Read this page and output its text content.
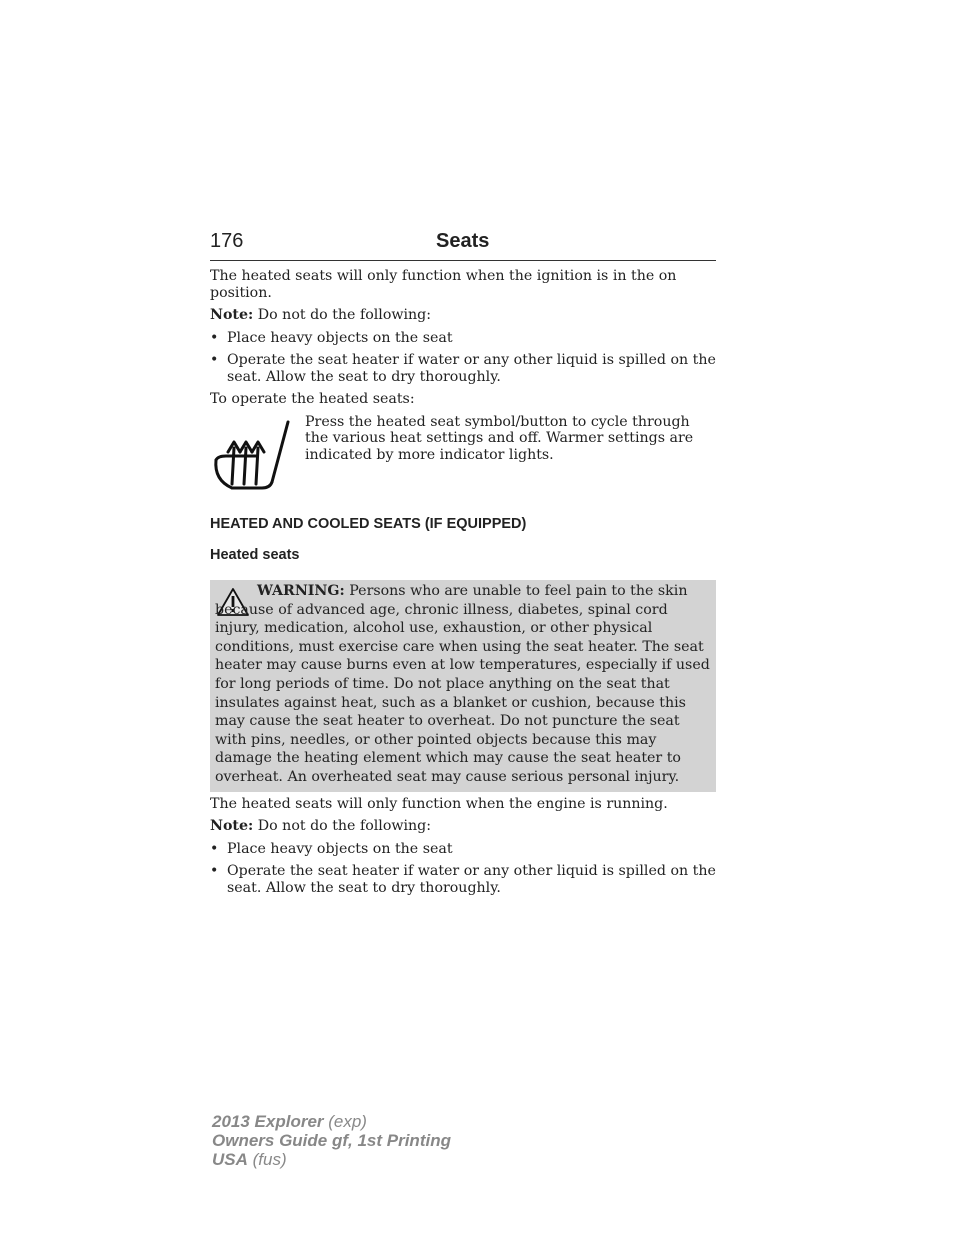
176	Seats

The heated seats will only function when the ignition is in the on position.

Note: Do not do the following:

• Place heavy objects on the seat
• Operate the seat heater if water or any other liquid is spilled on the seat. Allow the seat to dry thoroughly.

To operate the heated seats:

Press the heated seat symbol/button to cycle through the various heat settings and off. Warmer settings are indicated by more indicator lights.
HEATED AND COOLED SEATS (IF EQUIPPED)
Heated seats
WARNING: Persons who are unable to feel pain to the skin because of advanced age, chronic illness, diabetes, spinal cord injury, medication, alcohol use, exhaustion, or other physical conditions, must exercise care when using the seat heater. The seat heater may cause burns even at low temperatures, especially if used for long periods of time. Do not place anything on the seat that insulates against heat, such as a blanket or cushion, because this may cause the seat heater to overheat. Do not puncture the seat with pins, needles, or other pointed objects because this may damage the heating element which may cause the seat heater to overheat. An overheated seat may cause serious personal injury.

The heated seats will only function when the engine is running.

Note: Do not do the following:

• Place heavy objects on the seat
• Operate the seat heater if water or any other liquid is spilled on the seat. Allow the seat to dry thoroughly.
2013 Explorer (exp)
Owners Guide gf, 1st Printing
USA (fus)
